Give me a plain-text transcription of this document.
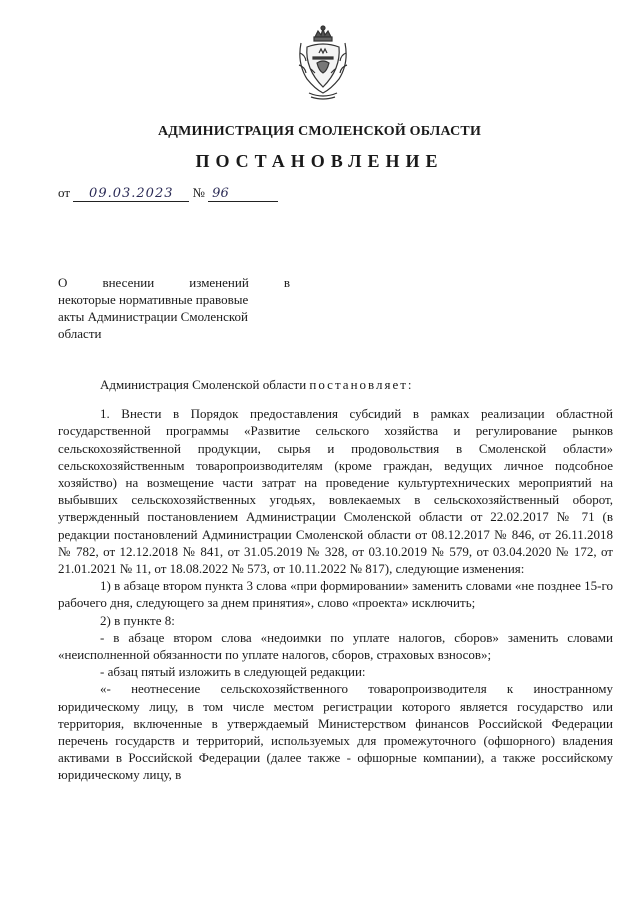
АДМИНИСТРАЦИЯ СМОЛЕНСКОЙ ОБЛАСТИ
ПОСТАНОВЛЕНИЕ
от 09.03.2023 № 96
О	внесении	изменений	в
некоторые нормативные правовые
акты Администрации Смоленской
области

Администрация Смоленской области постановляет:

1. Внести в Порядок предоставления субсидий в рамках реализации областной государственной программы «Развитие сельского хозяйства и регулирование рынков сельскохозяйственной продукции, сырья и продовольствия в Смоленской области» сельскохозяйственным товаропроизводителям (кроме граждан, ведущих личное подсобное хозяйство) на возмещение части затрат на проведение культуртехнических мероприятий на выбывших сельскохозяйственных угодьях, вовлекаемых в сельскохозяйственный оборот, утвержденный постановлением Администрации Смоленской области от 22.02.2017 № 71 (в редакции постановлений Администрации Смоленской области от 08.12.2017 № 846, от 26.11.2018 № 782, от 12.12.2018 № 841, от 31.05.2019 № 328, от 03.10.2019 № 579, от 03.04.2020 № 172, от 21.01.2021 № 11, от 18.08.2022 № 573, от 10.11.2022 № 817), следующие изменения:

1) в абзаце втором пункта 3 слова «при формировании» заменить словами «не позднее 15-го рабочего дня, следующего за днем принятия», слово «проекта» исключить;

2) в пункте 8:

- в абзаце втором слова «недоимки по уплате налогов, сборов» заменить словами «неисполненной обязанности по уплате налогов, сборов, страховых взносов»;

- абзац пятый изложить в следующей редакции:

«- неотнесение сельскохозяйственного товаропроизводителя к иностранному юридическому лицу, в том числе местом регистрации которого является государство или территория, включенные в утверждаемый Министерством финансов Российской Федерации перечень государств и территорий, используемых для промежуточного (офшорного) владения активами в Российской Федерации (далее также - офшорные компании), а также российскому юридическому лицу, в
